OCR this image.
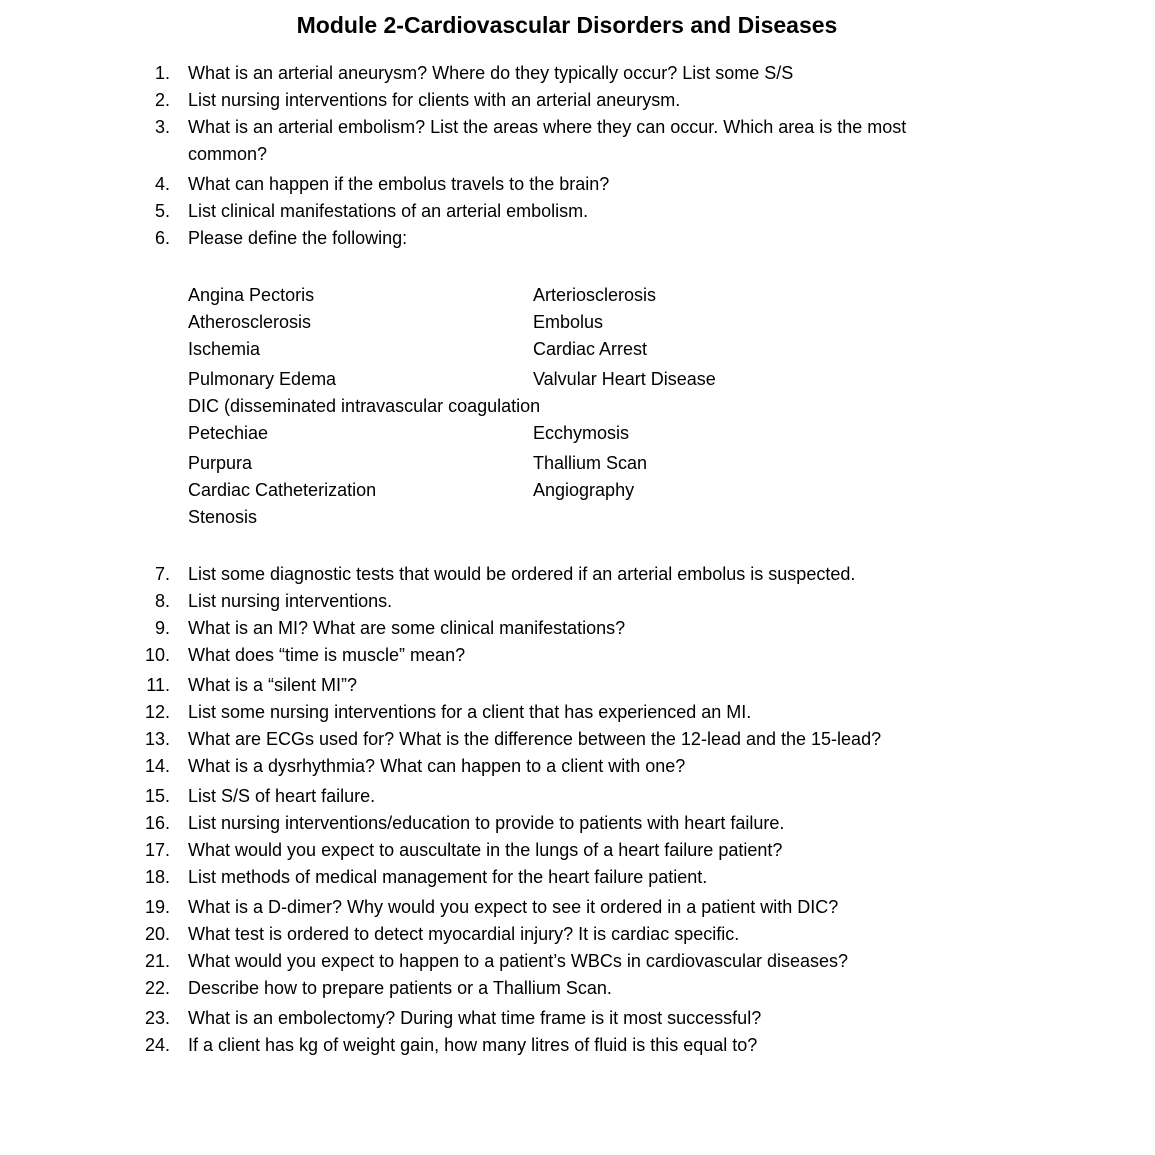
Module 2-Cardiovascular Disorders and Diseases
1. What is an arterial aneurysm? Where do they typically occur? List some S/S
2. List nursing interventions for clients with an arterial aneurysm.
3. What is an arterial embolism? List the areas where they can occur. Which area is the most
common?
4. What can happen if the embolus travels to the brain?
5. List clinical manifestations of an arterial embolism.
6. Please define the following:
Angina Pectoris	Arteriosclerosis
Atherosclerosis	Embolus
Ischemia	Cardiac Arrest
Pulmonary Edema	Valvular Heart Disease
DIC (disseminated intravascular coagulation
Petechiae	Ecchymosis
Purpura	Thallium Scan
Cardiac Catheterization	Angiography
Stenosis
7. List some diagnostic tests that would be ordered if an arterial embolus is suspected.
8. List nursing interventions.
9. What is an MI? What are some clinical manifestations?
10. What does “time is muscle” mean?
11. What is a “silent MI”?
12. List some nursing interventions for a client that has experienced an MI.
13. What are ECGs used for? What is the difference between the 12-lead and the 15-lead?
14. What is a dysrhythmia? What can happen to a client with one?
15. List S/S of heart failure.
16. List nursing interventions/education to provide to patients with heart failure.
17. What would you expect to auscultate in the lungs of a heart failure patient?
18. List methods of medical management for the heart failure patient.
19. What is a D-dimer? Why would you expect to see it ordered in a patient with DIC?
20. What test is ordered to detect myocardial injury? It is cardiac specific.
21. What would you expect to happen to a patient’s WBCs in cardiovascular diseases?
22. Describe how to prepare patients or a Thallium Scan.
23. What is an embolectomy? During what time frame is it most successful?
24. If a client has kg of weight gain, how many litres of fluid is this equal to?
